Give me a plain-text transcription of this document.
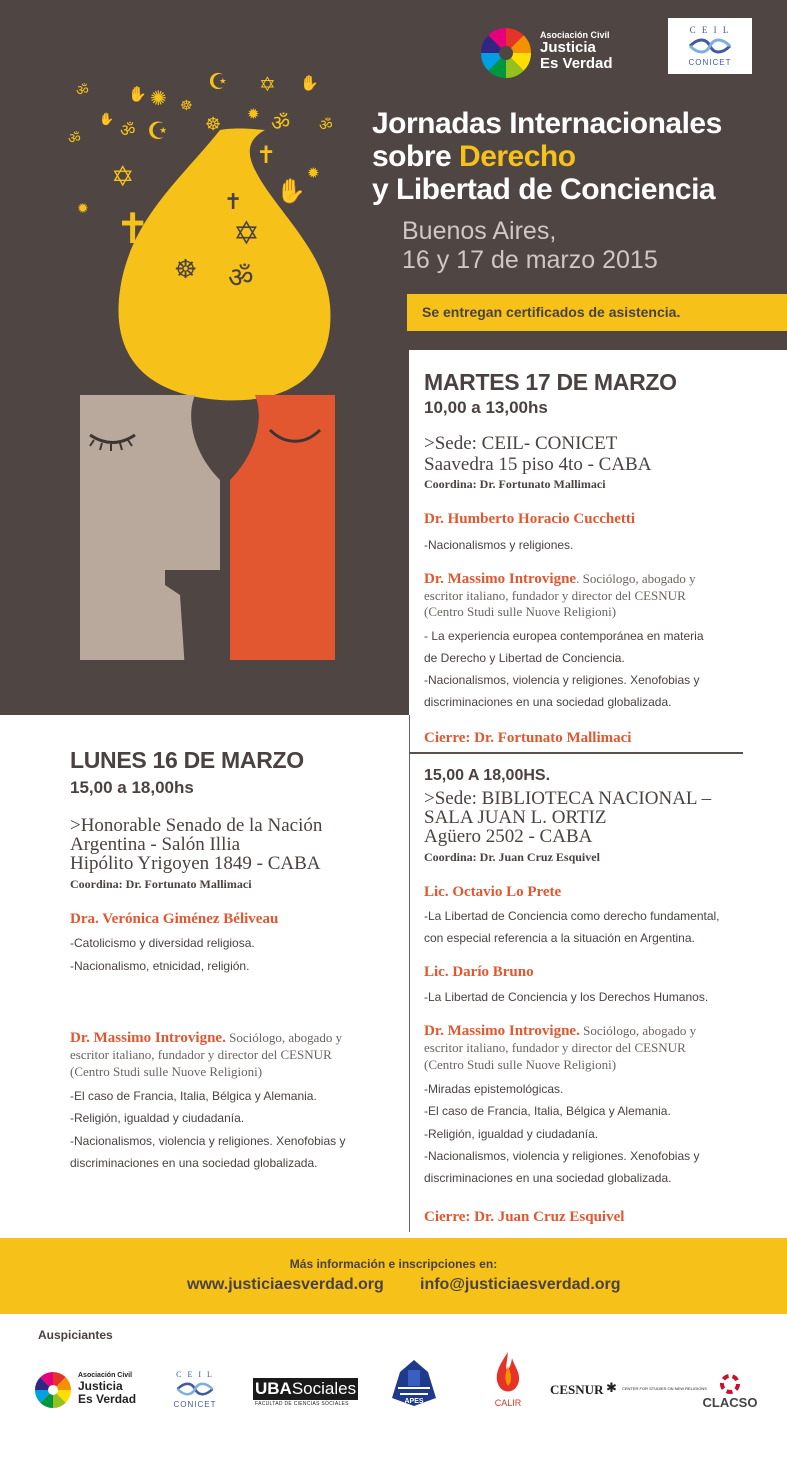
Asociación Civil
Justicia
Es Verdad
C E I L
CONICET
Jornadas Internacionales
sobre Derecho
y Libertad de Conciencia
Buenos Aires,
16 y 17 de marzo 2015
Se entregan certificados de asistencia.
☪ ✡ ✋
ॐ	✋ ✺ ☸	✹
✋
ॐ ☪ ☸ ॐ ॐ
ॐ
☯ ✝
✡	✹	✹
✋
✝
✹ ✝	✡ ☸
☸ ॐ
MARTES 17 DE MARZO
10,00 a 13,00hs
>Sede: CEIL- CONICET
Saavedra 15 piso 4to - CABA
Coordina: Dr. Fortunato Mallimaci
Dr. Humberto Horacio Cucchetti
-Nacionalismos y religiones.
Dr. Massimo Introvigne. Sociólogo, abogado y
escritor italiano, fundador y director del CESNUR
(Centro Studi sulle Nuove Religioni)
- La experiencia europea contemporánea en materia
de Derecho y Libertad de Conciencia.
-Nacionalismos, violencia y religiones. Xenofobias y
discriminaciones en una sociedad globalizada.
Cierre: Dr. Fortunato Mallimaci
15,00 A 18,00HS.
>Sede: BIBLIOTECA NACIONAL –
SALA JUAN L. ORTIZ
Agüero 2502 - CABA
Coordina: Dr. Juan Cruz Esquivel
Lic. Octavio Lo Prete
-La Libertad de Conciencia como derecho fundamental,
con especial referencia a la situación en Argentina.
Lic. Darío Bruno
-La Libertad de Conciencia y los Derechos Humanos.
Dr. Massimo Introvigne. Sociólogo, abogado y
escritor italiano, fundador y director del CESNUR
(Centro Studi sulle Nuove Religioni)
-Miradas epistemológicas.
-El caso de Francia, Italia, Bélgica y Alemania.
-Religión, igualdad y ciudadanía.
-Nacionalismos, violencia y religiones. Xenofobias y
discriminaciones en una sociedad globalizada.
Cierre: Dr. Juan Cruz Esquivel
LUNES 16 DE MARZO
15,00 a 18,00hs
>Honorable Senado de la Nación
Argentina - Salón Illia
Hipólito Yrigoyen 1849 - CABA
Coordina: Dr. Fortunato Mallimaci
Dra. Verónica Giménez Béliveau
-Catolicismo y diversidad religiosa.
-Nacionalismo, etnicidad, religión.
Dr. Massimo Introvigne. Sociólogo, abogado y
escritor italiano, fundador y director del CESNUR
(Centro Studi sulle Nuove Religioni)
-El caso de Francia, Italia, Bélgica y Alemania.
-Religión, igualdad y ciudadanía.
-Nacionalismos, violencia y religiones. Xenofobias y
discriminaciones en una sociedad globalizada.
Más información e inscripciones en:
www.justiciaesverdad.org info@justiciaesverdad.org
Auspiciantes
Asociación Civil
Justicia
Es Verdad
C E I L
CONICET
UBASociales
FACULTAD DE CIENCIAS SOCIALES	APES	CALIR
CESNUR ✱ CENTER FOR STUDIES ON NEW RELIGIONS
CLACSO
